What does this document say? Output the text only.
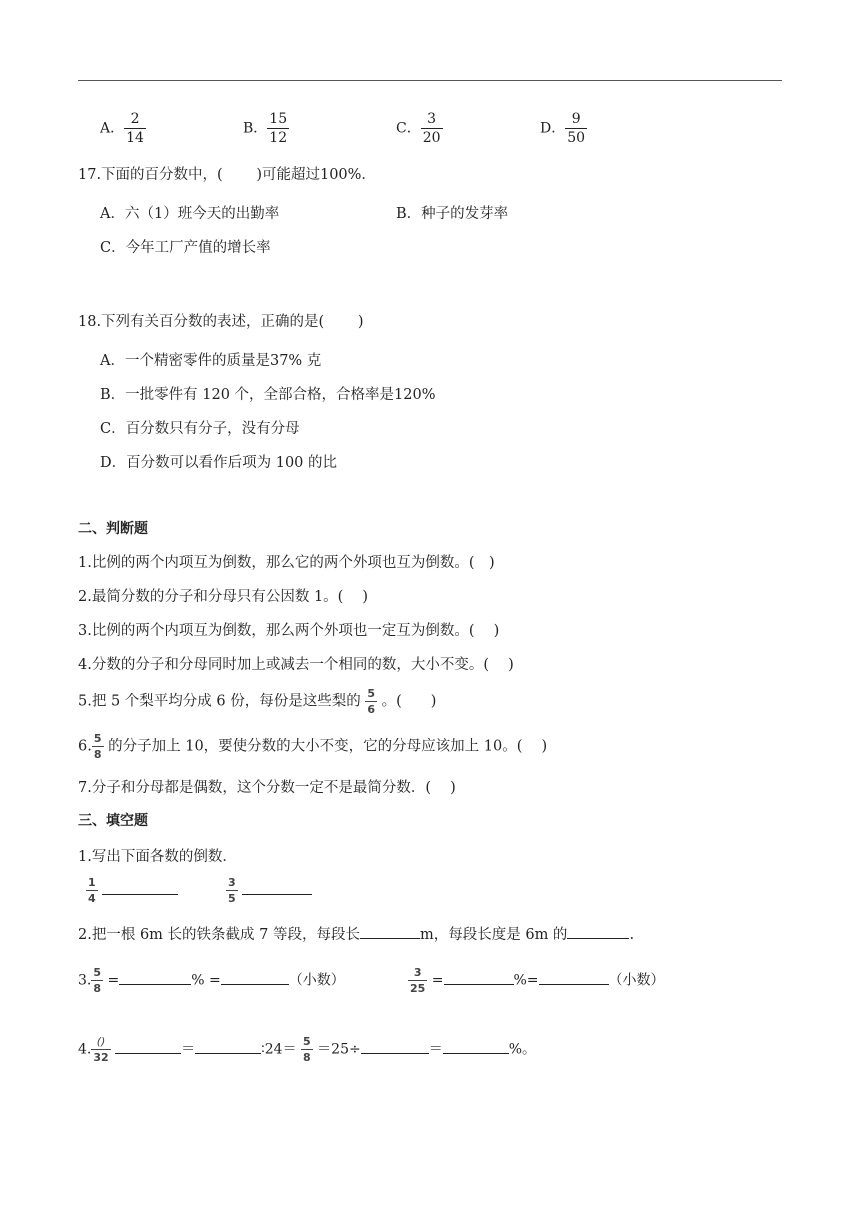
A． $\frac{2}{14}$	B． $\frac{15}{12}$	C． $\frac{3}{20}$	D． $\frac{9}{50}$
17.下面的百分数中，(　　 )可能超过100%．
A．六（1）班今天的出勤率	B．种子的发芽率
C．今年工厂产值的增长率
18.下列有关百分数的表述，正确的是(　　 )
A．一个精密零件的质量是37% 克
B．一批零件有 120 个，全部合格，合格率是120%
C．百分数只有分子，没有分母
D．百分数可以看作后项为 100 的比
二、判断题
1.比例的两个内项互为倒数，那么它的两个外项也互为倒数。(　)
2.最简分数的分子和分母只有公因数 1。(　 )
3.比例的两个内项互为倒数，那么两个外项也一定互为倒数。(　 )
4.分数的分子和分母同时加上或减去一个相同的数，大小不变。(　 )
5.把 5 个梨平均分成 6 份，每份是这些梨的 $\frac{5}{6}$ 。(　　)
6. $\frac{5}{8}$ 的分子加上 10，要使分数的大小不变，它的分母应该加上 10。(　 )
7.分子和分母都是偶数，这个分数一定不是最简分数．(　 )
三、填空题
1.写出下面各数的倒数．
$\frac{1}{4}$
	$\frac{3}{5}$

2.把一根 6m 长的铁条截成 7 等段，每段长	m，每段长度是 6m 的	.
3. $\frac{5}{8}$ =	% =	（小数）	$\frac{3}{25}$ =	%=	（小数）
4. $\frac{()}{32}$	＝	∶24＝ $\frac{5}{8} =25\div$	＝	%。
